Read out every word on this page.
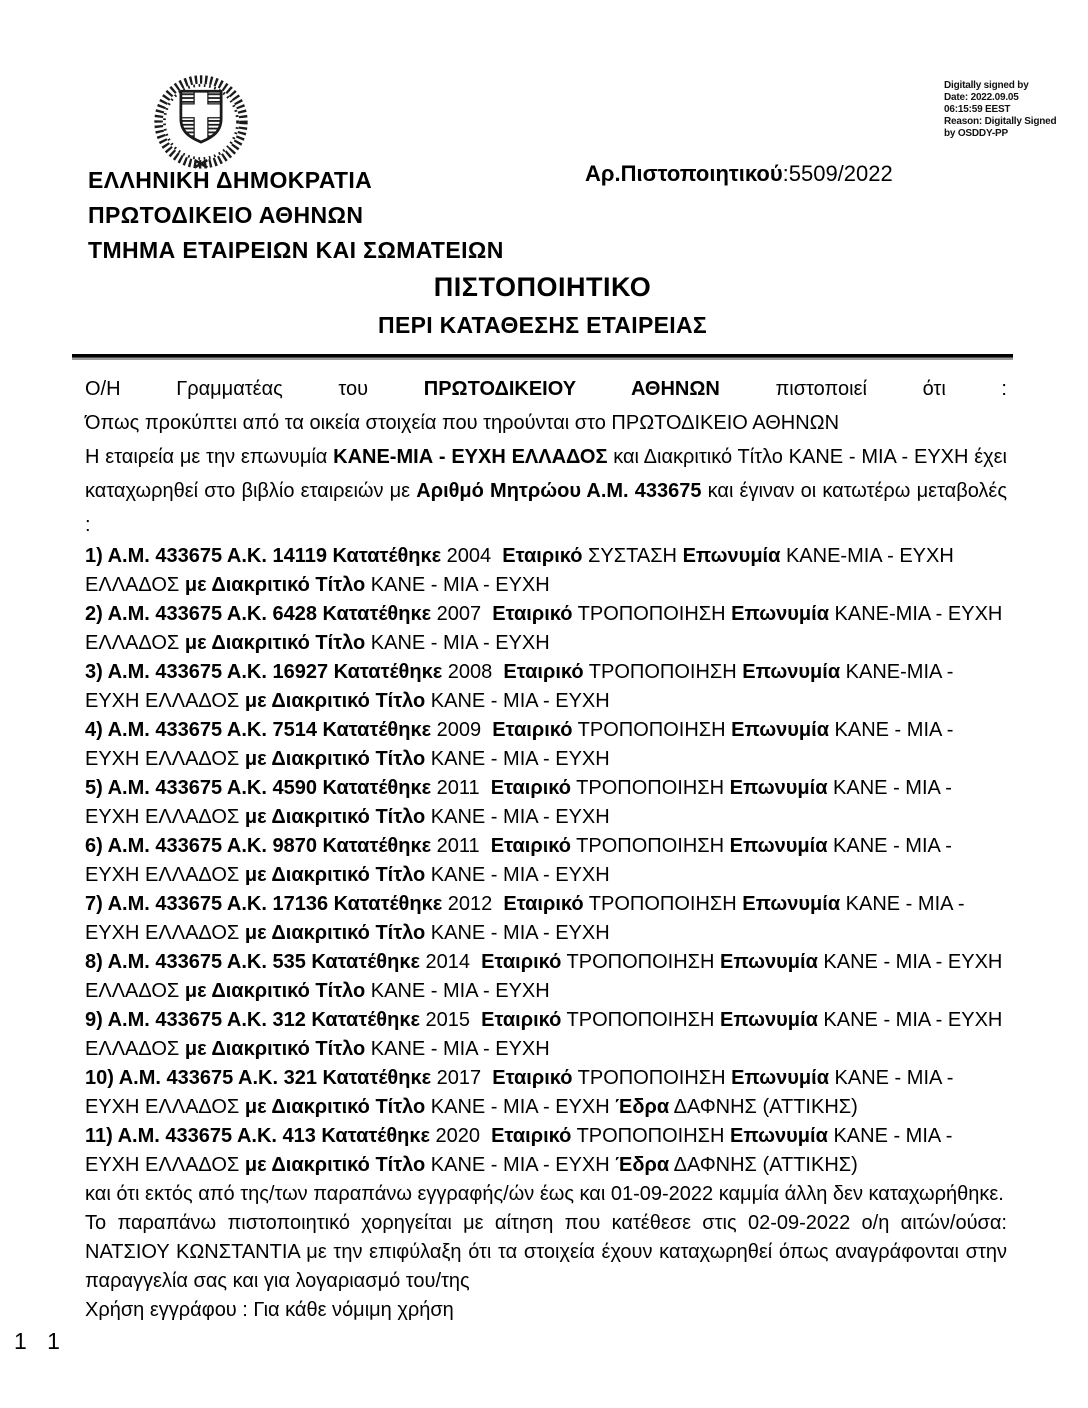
Digitally signed by
Date: 2022.09.05
06:15:59 EEST
Reason: Digitally Signed
by OSDDY-PP
Αρ.Πιστοποιητικού:5509/2022
ΕΛΛΗΝΙΚΗ ΔΗΜΟΚΡΑΤΙΑ
ΠΡΩΤΟΔΙΚΕΙΟ ΑΘΗΝΩΝ
ΤΜΗΜΑ ΕΤΑΙΡΕΙΩΝ ΚΑΙ ΣΩΜΑΤΕΙΩΝ
ΠΙΣΤΟΠΟΙΗΤΙΚΟ
ΠΕΡΙ ΚΑΤΑΘΕΣΗΣ ΕΤΑΙΡΕΙΑΣ

Ο/Η Γραμματέας του ΠΡΩΤΟΔΙΚΕΙΟΥ ΑΘΗΝΩΝ πιστοποιεί ότι :

Όπως προκύπτει από τα οικεία στοιχεία που τηρούνται στο ΠΡΩΤΟΔΙΚΕΙΟ ΑΘΗΝΩΝ

Η εταιρεία με την επωνυμία ΚΑΝΕ-ΜΙΑ - ΕΥΧΗ ΕΛΛΑΔΟΣ και Διακριτικό Τίτλο ΚΑΝΕ - ΜΙΑ - ΕΥΧΗ έχει καταχωρηθεί στο βιβλίο εταιρειών με Αριθμό Μητρώου Α.Μ. 433675 και έγιναν οι κατωτέρω μεταβολές :

1) Α.Μ. 433675 Α.Κ. 14119 Κατατέθηκε 2004  Εταιρικό ΣΥΣΤΑΣΗ Επωνυμία ΚΑΝΕ-ΜΙΑ - ΕΥΧΗ ΕΛΛΑΔΟΣ με Διακριτικό Τίτλο ΚΑΝΕ - ΜΙΑ - ΕΥΧΗ

2) Α.Μ. 433675 Α.Κ. 6428 Κατατέθηκε 2007  Εταιρικό ΤΡΟΠΟΠΟΙΗΣΗ Επωνυμία ΚΑΝΕ-ΜΙΑ - ΕΥΧΗ ΕΛΛΑΔΟΣ με Διακριτικό Τίτλο ΚΑΝΕ - ΜΙΑ - ΕΥΧΗ

3) Α.Μ. 433675 Α.Κ. 16927 Κατατέθηκε 2008  Εταιρικό ΤΡΟΠΟΠΟΙΗΣΗ Επωνυμία ΚΑΝΕ-ΜΙΑ - ΕΥΧΗ ΕΛΛΑΔΟΣ με Διακριτικό Τίτλο ΚΑΝΕ - ΜΙΑ - ΕΥΧΗ

4) Α.Μ. 433675 Α.Κ. 7514 Κατατέθηκε 2009  Εταιρικό ΤΡΟΠΟΠΟΙΗΣΗ Επωνυμία ΚΑΝΕ - ΜΙΑ - ΕΥΧΗ ΕΛΛΑΔΟΣ με Διακριτικό Τίτλο ΚΑΝΕ - ΜΙΑ - ΕΥΧΗ

5) Α.Μ. 433675 Α.Κ. 4590 Κατατέθηκε 2011  Εταιρικό ΤΡΟΠΟΠΟΙΗΣΗ Επωνυμία ΚΑΝΕ - ΜΙΑ - ΕΥΧΗ ΕΛΛΑΔΟΣ με Διακριτικό Τίτλο ΚΑΝΕ - ΜΙΑ - ΕΥΧΗ

6) Α.Μ. 433675 Α.Κ. 9870 Κατατέθηκε 2011  Εταιρικό ΤΡΟΠΟΠΟΙΗΣΗ Επωνυμία ΚΑΝΕ - ΜΙΑ - ΕΥΧΗ ΕΛΛΑΔΟΣ με Διακριτικό Τίτλο ΚΑΝΕ - ΜΙΑ - ΕΥΧΗ

7) Α.Μ. 433675 Α.Κ. 17136 Κατατέθηκε 2012  Εταιρικό ΤΡΟΠΟΠΟΙΗΣΗ Επωνυμία ΚΑΝΕ - ΜΙΑ - ΕΥΧΗ ΕΛΛΑΔΟΣ με Διακριτικό Τίτλο ΚΑΝΕ - ΜΙΑ - ΕΥΧΗ

8) Α.Μ. 433675 Α.Κ. 535 Κατατέθηκε 2014  Εταιρικό ΤΡΟΠΟΠΟΙΗΣΗ Επωνυμία ΚΑΝΕ - ΜΙΑ - ΕΥΧΗ ΕΛΛΑΔΟΣ με Διακριτικό Τίτλο ΚΑΝΕ - ΜΙΑ - ΕΥΧΗ

9) Α.Μ. 433675 Α.Κ. 312 Κατατέθηκε 2015  Εταιρικό ΤΡΟΠΟΠΟΙΗΣΗ Επωνυμία ΚΑΝΕ - ΜΙΑ - ΕΥΧΗ ΕΛΛΑΔΟΣ με Διακριτικό Τίτλο ΚΑΝΕ - ΜΙΑ - ΕΥΧΗ

10) Α.Μ. 433675 Α.Κ. 321 Κατατέθηκε 2017  Εταιρικό ΤΡΟΠΟΠΟΙΗΣΗ Επωνυμία ΚΑΝΕ - ΜΙΑ - ΕΥΧΗ ΕΛΛΑΔΟΣ με Διακριτικό Τίτλο ΚΑΝΕ - ΜΙΑ - ΕΥΧΗ Έδρα ΔΑΦΝΗΣ (ΑΤΤΙΚΗΣ)

11) Α.Μ. 433675 Α.Κ. 413 Κατατέθηκε 2020  Εταιρικό ΤΡΟΠΟΠΟΙΗΣΗ Επωνυμία ΚΑΝΕ - ΜΙΑ - ΕΥΧΗ ΕΛΛΑΔΟΣ με Διακριτικό Τίτλο ΚΑΝΕ - ΜΙΑ - ΕΥΧΗ Έδρα ΔΑΦΝΗΣ (ΑΤΤΙΚΗΣ)

και ότι εκτός από της/των παραπάνω εγγραφής/ών έως και 01-09-2022 καμμία άλλη δεν καταχωρήθηκε.

Το παραπάνω πιστοποιητικό χορηγείται με αίτηση που κατέθεσε στις 02-09-2022 ο/η αιτών/ούσα: ΝΑΤΣΙΟΥ ΚΩΝΣΤΑΝΤΙΑ με την επιφύλαξη ότι τα στοιχεία έχουν καταχωρηθεί όπως αναγράφονται στην παραγγελία σας και για λογαριασμό του/της

Χρήση εγγράφου : Για κάθε νόμιμη χρήση

1 1
